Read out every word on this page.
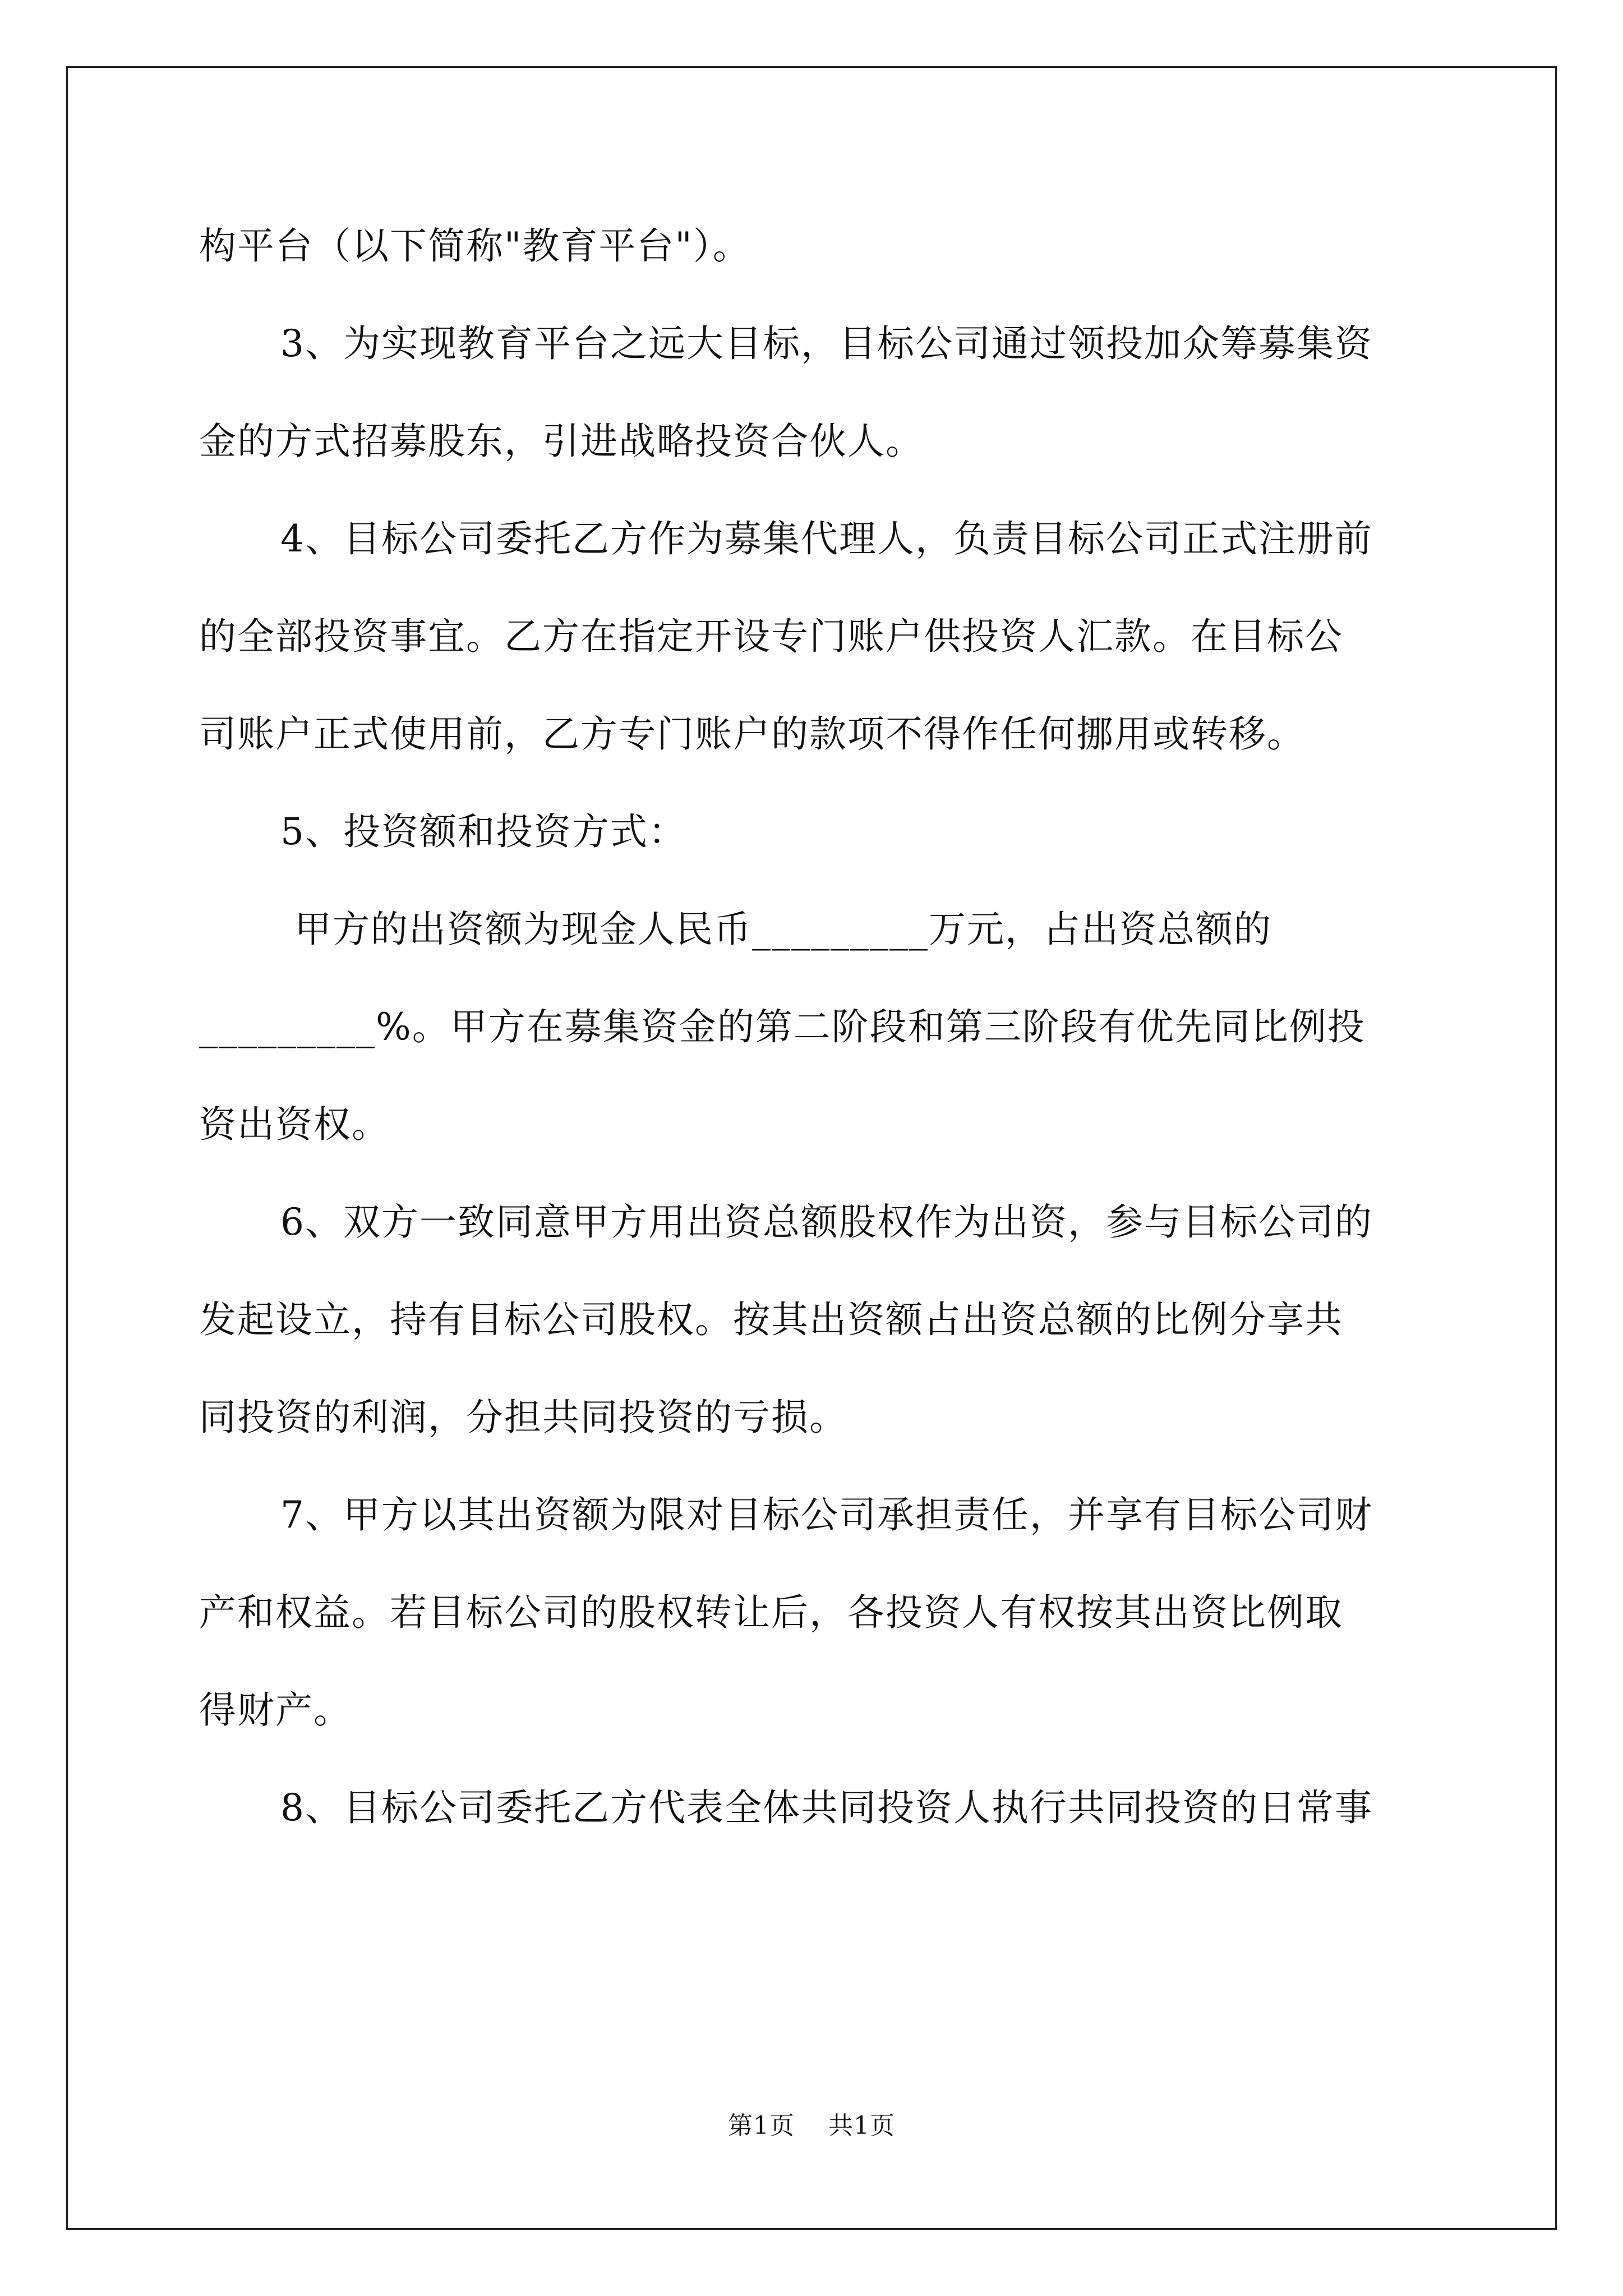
构平台（以下简称"教育平台"）。
3、为实现教育平台之远大目标，目标公司通过领投加众筹募集资
金的方式招募股东，引进战略投资合伙人。
4、目标公司委托乙方作为募集代理人，负责目标公司正式注册前
的全部投资事宜。乙方在指定开设专门账户供投资人汇款。在目标公
司账户正式使用前，乙方专门账户的款项不得作任何挪用或转移。
5、投资额和投资方式：
甲方的出资额为现金人民币_________万元，占出资总额的
_________%。甲方在募集资金的第二阶段和第三阶段有优先同比例投
资出资权。
6、双方一致同意甲方用出资总额股权作为出资，参与目标公司的
发起设立，持有目标公司股权。按其出资额占出资总额的比例分享共
同投资的利润，分担共同投资的亏损。
7、甲方以其出资额为限对目标公司承担责任，并享有目标公司财
产和权益。若目标公司的股权转让后，各投资人有权按其出资比例取
得财产。
8、目标公司委托乙方代表全体共同投资人执行共同投资的日常事
第1页 共1页
